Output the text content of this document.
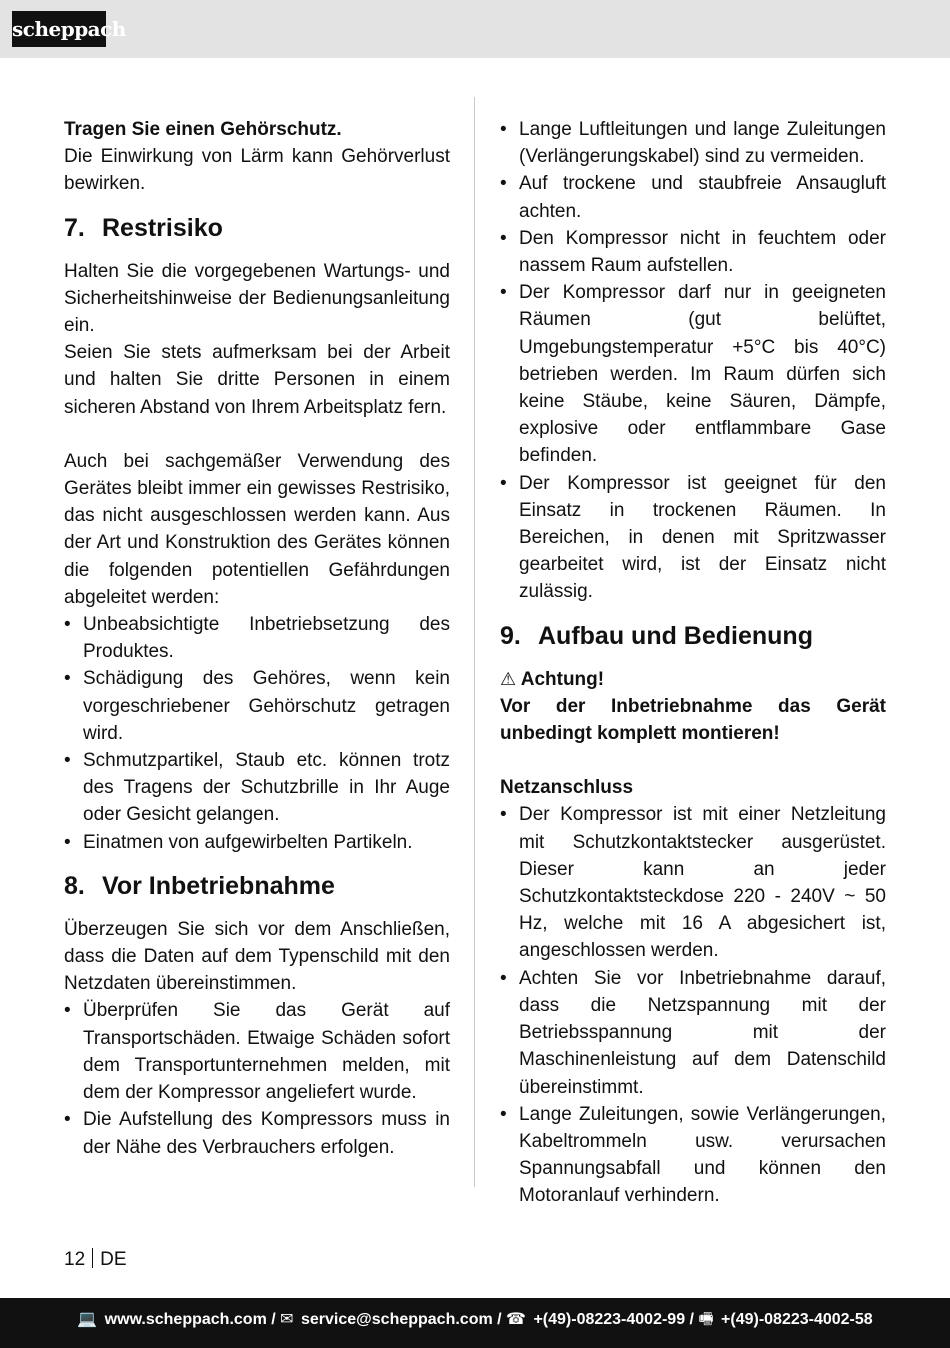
scheppach

Tragen Sie einen Gehörschutz.

Die Einwirkung von Lärm kann Gehörverlust bewirken.

7. Restrisiko

Halten Sie die vorgegebenen Wartungs- und Sicherheitshinweise der Bedienungsanleitung ein.

Seien Sie stets aufmerksam bei der Arbeit und halten Sie dritte Personen in einem sicheren Abstand von Ihrem Arbeitsplatz fern.

Auch bei sachgemäßer Verwendung des Gerätes bleibt immer ein gewisses Restrisiko, das nicht ausgeschlossen werden kann. Aus der Art und Konstruktion des Gerätes können die folgenden potentiellen Gefährdungen abgeleitet werden:

• Unbeabsichtigte Inbetriebsetzung des Produktes.
• Schädigung des Gehöres, wenn kein vorgeschriebener Gehörschutz getragen wird.
• Schmutzpartikel, Staub etc. können trotz des Tragens der Schutzbrille in Ihr Auge oder Gesicht gelangen.
• Einatmen von aufgewirbelten Partikeln.
8. Vor Inbetriebnahme

Überzeugen Sie sich vor dem Anschließen, dass die Daten auf dem Typenschild mit den Netzdaten übereinstimmen.

• Überprüfen Sie das Gerät auf Transportschäden. Etwaige Schäden sofort dem Transportunternehmen melden, mit dem der Kompressor angeliefert wurde.
• Die Aufstellung des Kompressors muss in der Nähe des Verbrauchers erfolgen.
• Lange Luftleitungen und lange Zuleitungen (Verlängerungskabel) sind zu vermeiden.
• Auf trockene und staubfreie Ansaugluft achten.
• Den Kompressor nicht in feuchtem oder nassem Raum aufstellen.
• Der Kompressor darf nur in geeigneten Räumen (gut belüftet, Umgebungstemperatur +5°C bis 40°C) betrieben werden. Im Raum dürfen sich keine Stäube, keine Säuren, Dämpfe, explosive oder entflammbare Gase befinden.
• Der Kompressor ist geeignet für den Einsatz in trockenen Räumen. In Bereichen, in denen mit Spritzwasser gearbeitet wird, ist der Einsatz nicht zulässig.
9. Aufbau und Bedienung

⚠ Achtung!

Vor der Inbetriebnahme das Gerät unbedingt komplett montieren!

Netzanschluss

• Der Kompressor ist mit einer Netzleitung mit Schutzkontaktstecker ausgerüstet. Dieser kann an jeder Schutzkontaktsteckdose 220 - 240V ~ 50 Hz, welche mit 16 A abgesichert ist, angeschlossen werden.
• Achten Sie vor Inbetriebnahme darauf, dass die Netzspannung mit der Betriebsspannung mit der Maschinenleistung auf dem Datenschild übereinstimmt.
• Lange Zuleitungen, sowie Verlängerungen, Kabeltrommeln usw. verursachen Spannungsabfall und können den Motoranlauf verhindern.
12 DE
💻 www.scheppach.com / ✉ service@scheppach.com / ☎ +(49)-08223-4002-99 / 🖷 +(49)-08223-4002-58
